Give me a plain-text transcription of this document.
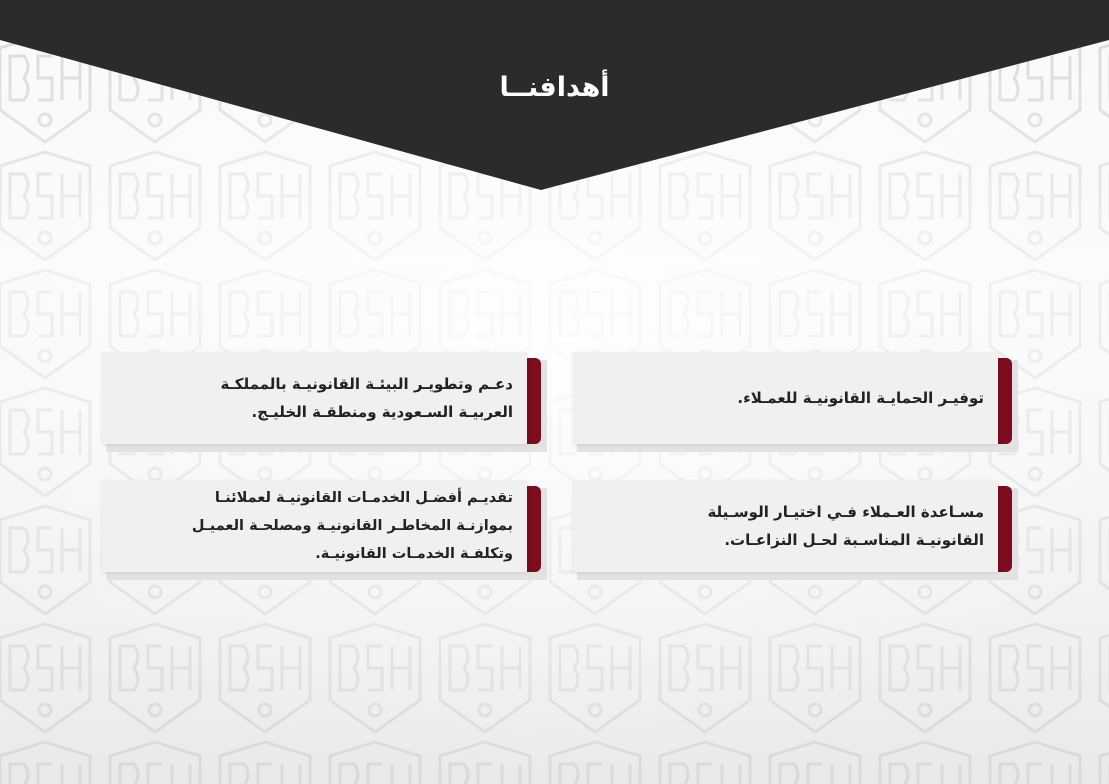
أهدافنــا
توفيـر الحمايـة القانونيـة للعمـلاء.
دعـم وتطويـر البيئـة القانونيـة بالمملكـة
العربيـة السـعودية ومنطقـة الخليـج.
مسـاعدة العـملاء فـي اختيـار الوسـيلة
القانونيـة المناسـبة لحـل النزاعـات.
تقديـم أفضـل الخدمـات القانونيـة لعملائنـا
بموازنـة المخاطـر القانونيـة ومصلحـة العميـل
وتكلفـة الخدمـات القانونيـة.
